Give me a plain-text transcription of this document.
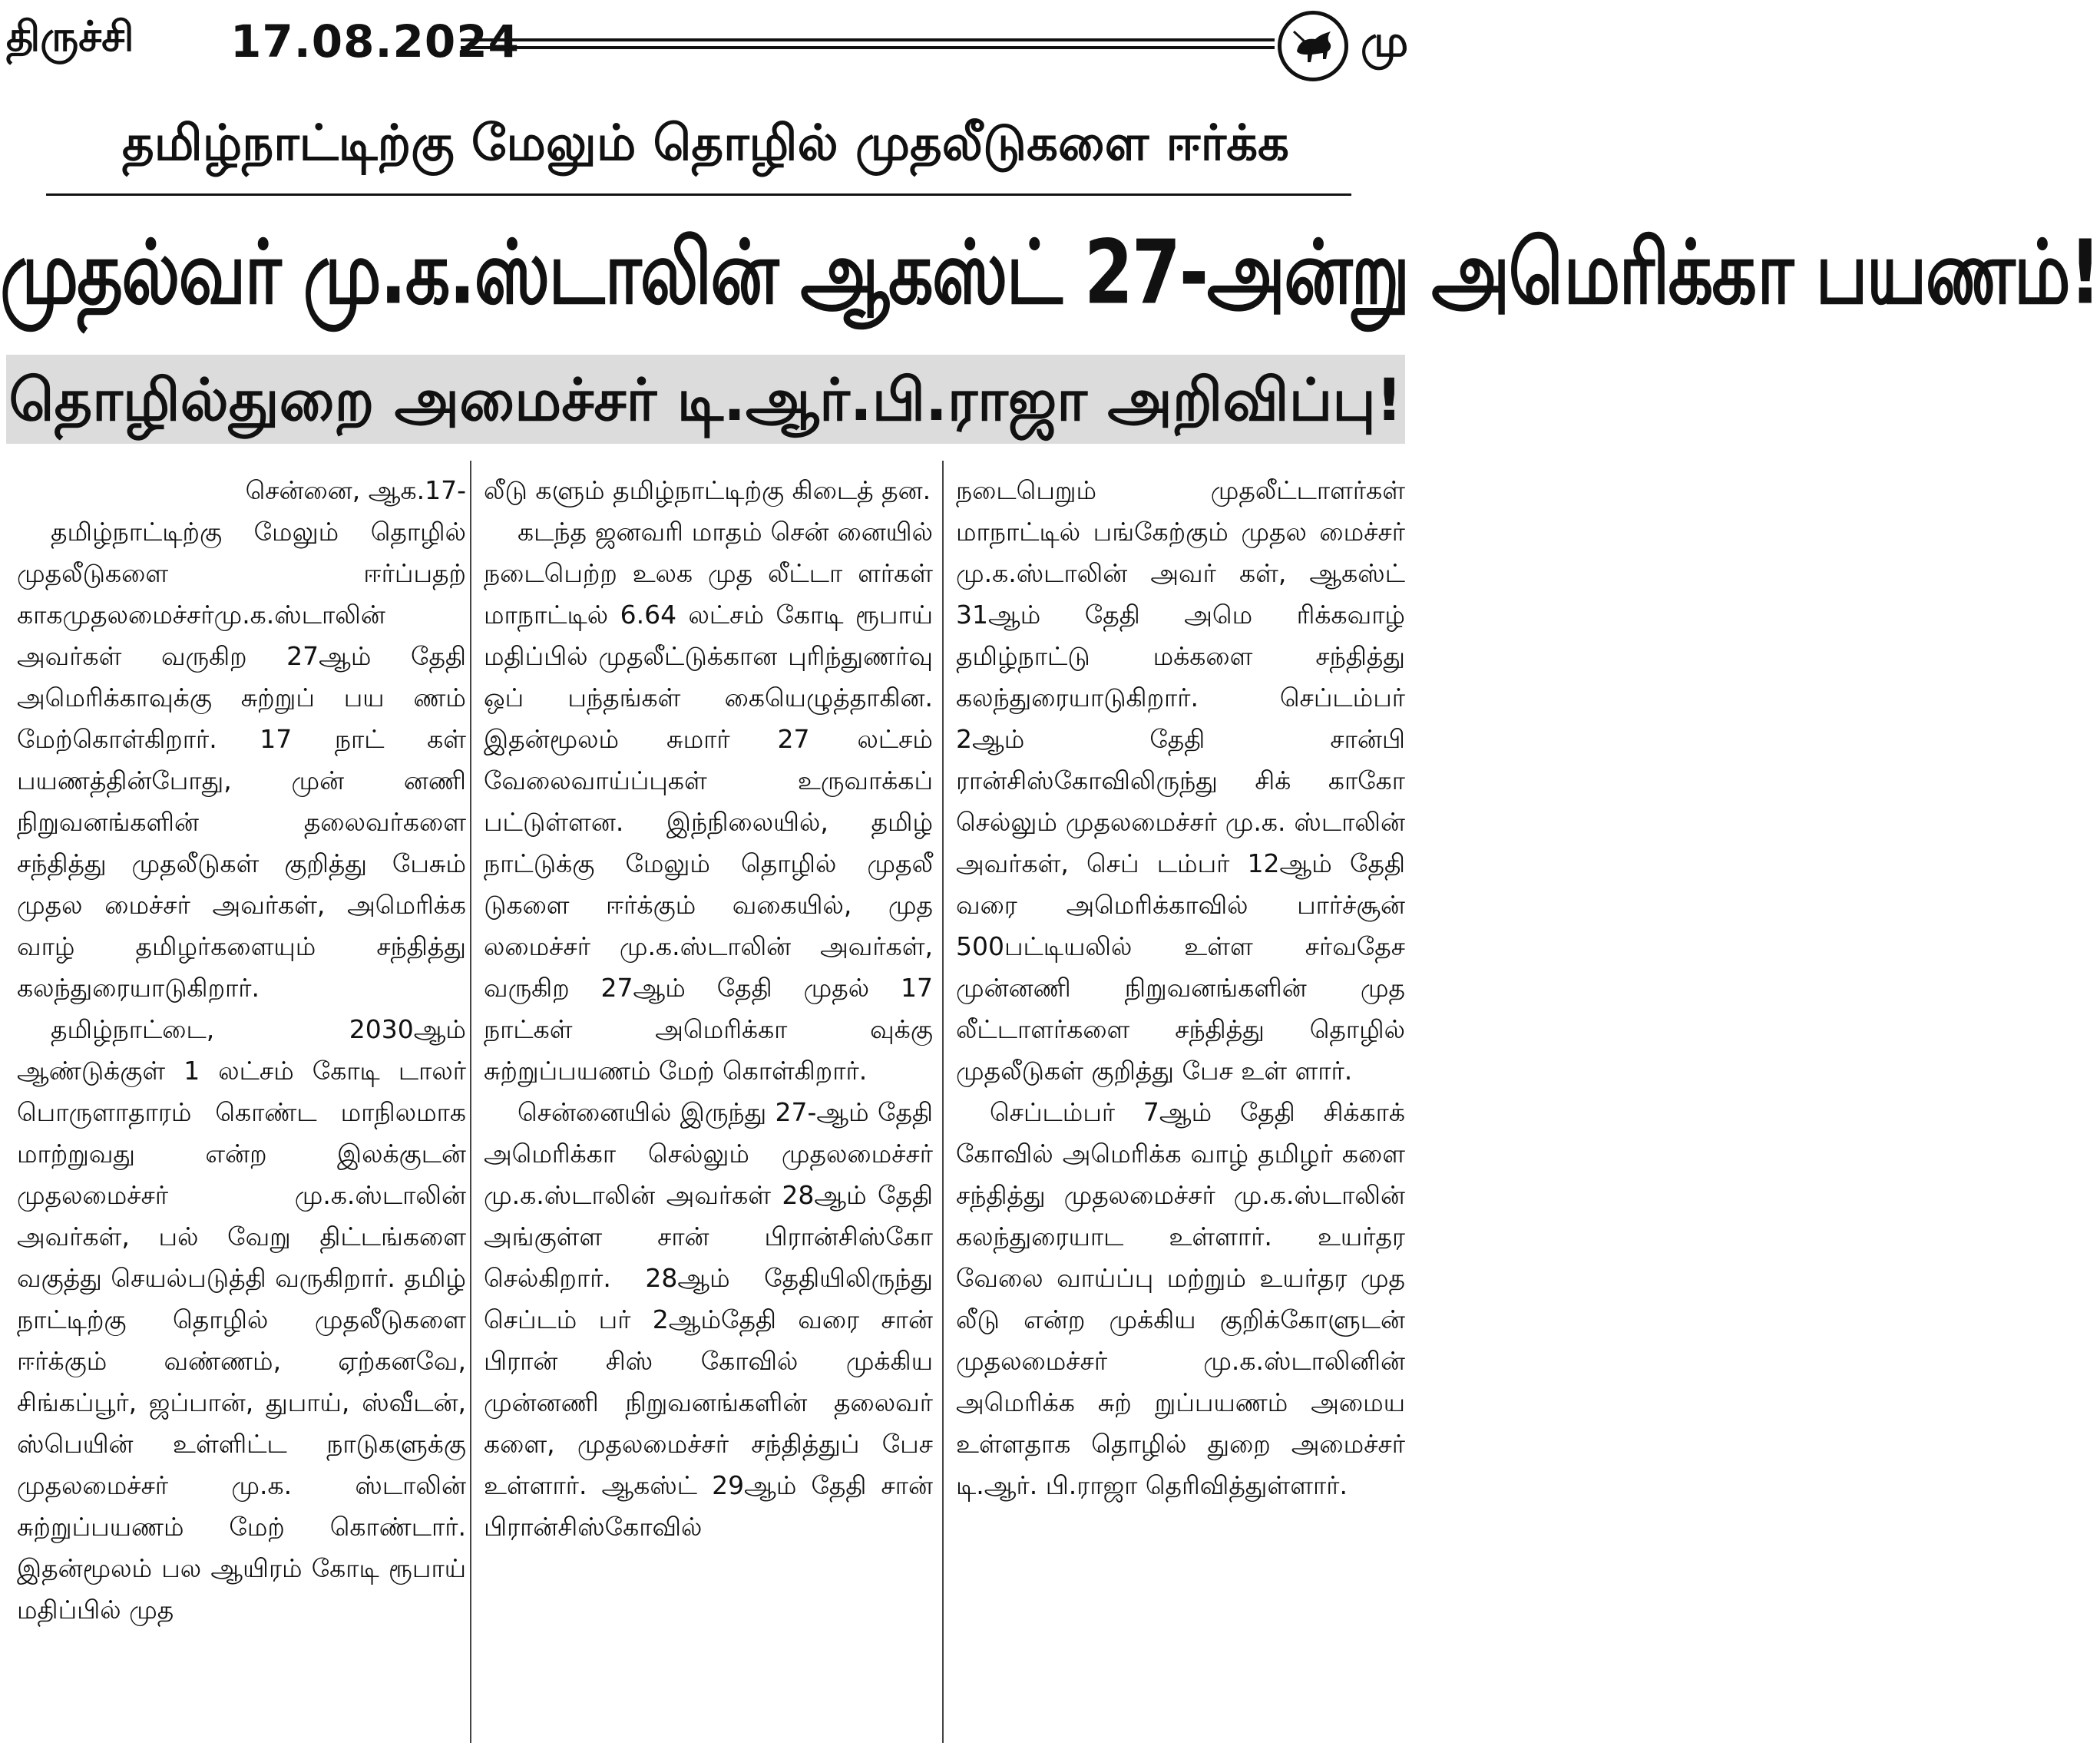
திருச்சி 17.08.2024	மு
தமிழ்நாட்டிற்கு மேலும் தொழில் முதலீடுகளை ஈர்க்க
முதல்வர் மு.க.ஸ்டாலின் ஆகஸ்ட் 27-அன்று அமெரிக்கா பயணம்!
தொழில்துறை அமைச்சர் டி.ஆர்.பி.ராஜா அறிவிப்பு!

சென்னை, ஆக.17-

தமிழ்நாட்டிற்கு மேலும் தொழில் முதலீடுகளை ஈர்ப்பதற் காகமுதலமைச்சர்மு.க.ஸ்டாலின் அவர்கள் வருகிற 27ஆம் தேதி அமெரிக்காவுக்கு சுற்றுப் பய ணம் மேற்கொள்கிறார். 17 நாட் கள் பயணத்தின்போது, முன் னணி நிறுவனங்களின் தலைவர்களை சந்தித்து முதலீடுகள் குறித்து பேசும் முதல மைச்சர் அவர்கள், அமெரிக்க வாழ் தமிழர்களையும் சந்தித்து கலந்துரையாடுகிறார்.

தமிழ்நாட்டை, 2030ஆம் ஆண்டுக்குள் 1 லட்சம் கோடி டாலர் பொருளாதாரம் கொண்ட மாநிலமாக மாற்றுவது என்ற இலக்குடன் முதலமைச்சர் மு.க.ஸ்டாலின் அவர்கள், பல் வேறு திட்டங்களை வகுத்து செயல்படுத்தி வருகிறார். தமிழ் நாட்டிற்கு தொழில் முதலீடுகளை ஈர்க்கும் வண்ணம், ஏற்கனவே, சிங்கப்பூர், ஜப்பான், துபாய், ஸ்வீடன், ஸ்பெயின் உள்ளிட்ட நாடுகளுக்கு முதலமைச்சர் மு.க. ஸ்டாலின் சுற்றுப்பயணம் மேற் கொண்டார். இதன்மூலம் பல ஆயிரம் கோடி ரூபாய் மதிப்பில் முத

லீடு களும் தமிழ்நாட்டிற்கு கிடைத் தன.

கடந்த ஜனவரி மாதம் சென் னையில் நடைபெற்ற உலக முத லீட்டா ளர்கள் மாநாட்டில் 6.64 லட்சம் கோடி ரூபாய் மதிப்பில் முதலீட்டுக்கான புரிந்துணர்வு ஒப் பந்தங்கள் கையெழுத்தாகின. இதன்மூலம் சுமார் 27 லட்சம் வேலைவாய்ப்புகள் உருவாக்கப் பட்டுள்ளன. இந்நிலையில், தமிழ் நாட்டுக்கு மேலும் தொழில் முதலீ டுகளை ஈர்க்கும் வகையில், முத லமைச்சர் மு.க.ஸ்டாலின் அவர்கள், வருகிற 27ஆம் தேதி முதல் 17 நாட்கள் அமெரிக்கா வுக்கு சுற்றுப்பயணம் மேற் கொள்கிறார்.

சென்னையில் இருந்து 27-ஆம் தேதி அமெரிக்கா செல்லும் முதலமைச்சர் மு.க.ஸ்டாலின் அவர்கள் 28ஆம் தேதி அங்குள்ள சான் பிரான்சிஸ்கோ செல்கிறார். 28ஆம் தேதியிலிருந்து செப்டம் பர் 2ஆம்தேதி வரை சான் பிரான் சிஸ் கோவில் முக்கிய முன்னணி நிறுவனங்களின் தலைவர் களை, முதலமைச்சர் சந்தித்துப் பேச உள்ளார். ஆகஸ்ட் 29ஆம் தேதி சான் பிரான்சிஸ்கோவில்

நடைபெறும் முதலீட்டாளர்கள் மாநாட்டில் பங்கேற்கும் முதல மைச்சர் மு.க.ஸ்டாலின் அவர் கள், ஆகஸ்ட் 31ஆம் தேதி அமெ ரிக்கவாழ் தமிழ்நாட்டு மக்களை சந்தித்து கலந்துரையாடுகிறார். செப்டம்பர் 2ஆம் தேதி சான்பி ரான்சிஸ்கோவிலிருந்து சிக் காகோ செல்லும் முதலமைச்சர் மு.க. ஸ்டாலின் அவர்கள், செப் டம்பர் 12ஆம் தேதி வரை அமெரிக்காவில் பார்ச்சூன் 500பட்டியலில் உள்ள சர்வதேச முன்னணி நிறுவனங்களின் முத லீட்டாளர்களை சந்தித்து தொழில் முதலீடுகள் குறித்து பேச உள் ளார்.

செப்டம்பர் 7ஆம் தேதி சிக்காக் கோவில் அமெரிக்க வாழ் தமிழர் களை சந்தித்து முதலமைச்சர் மு.க.ஸ்டாலின் கலந்துரையாட உள்ளார். உயர்தர வேலை வாய்ப்பு மற்றும் உயர்தர முத லீடு என்ற முக்கிய குறிக்கோளுடன் முதலமைச்சர் மு.க.ஸ்டாலினின் அமெரிக்க சுற் றுப்பயணம் அமைய உள்ளதாக தொழில் துறை அமைச்சர் டி.ஆர். பி.ராஜா தெரிவித்துள்ளார்.
